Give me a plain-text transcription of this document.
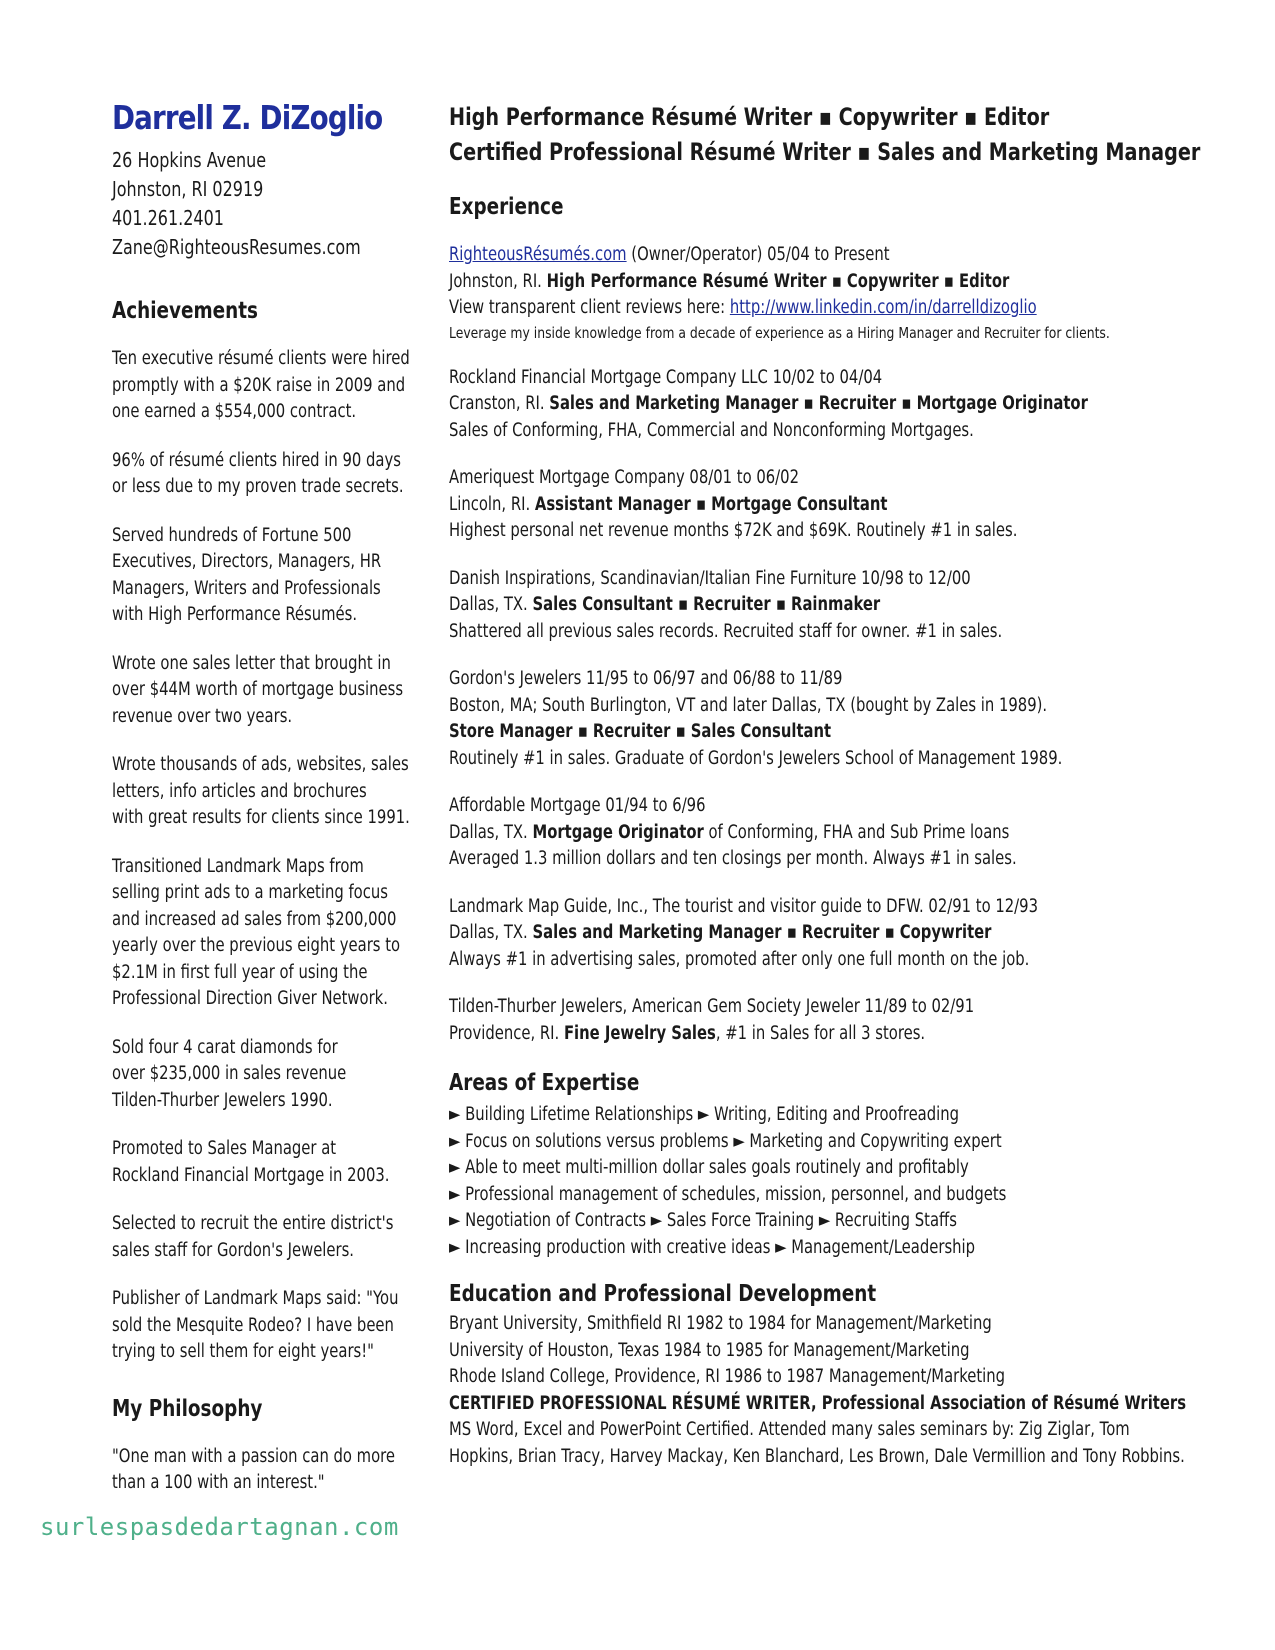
Darrell Z. DiZoglio
26 Hopkins Avenue
Johnston, RI 02919
401.261.2401
Zane@RighteousResumes.com
Achievements

Ten executive résumé clients were hired
promptly with a $20K raise in 2009 and
one earned a $554,000 contract.

96% of résumé clients hired in 90 days
or less due to my proven trade secrets.

Served hundreds of Fortune 500
Executives, Directors, Managers, HR
Managers, Writers and Professionals
with High Performance Résumés.

Wrote one sales letter that brought in
over $44M worth of mortgage business
revenue over two years.

Wrote thousands of ads, websites, sales
letters, info articles and brochures
with great results for clients since 1991.

Transitioned Landmark Maps from
selling print ads to a marketing focus
and increased ad sales from $200,000
yearly over the previous eight years to
$2.1M in first full year of using the
Professional Direction Giver Network.

Sold four 4 carat diamonds for
over $235,000 in sales revenue
Tilden-Thurber Jewelers 1990.

Promoted to Sales Manager at
Rockland Financial Mortgage in 2003.

Selected to recruit the entire district's
sales staff for Gordon's Jewelers.

Publisher of Landmark Maps said: "You
sold the Mesquite Rodeo? I have been
trying to sell them for eight years!"

My Philosophy
"One man with a passion can do more
than a 100 with an interest."
High Performance Résumé Writer ▪ Copywriter ▪ Editor
Certified Professional Résumé Writer ▪ Sales and Marketing Manager
Experience
RighteousRésumés.com (Owner/Operator) 05/04 to Present
Johnston, RI. High Performance Résumé Writer ▪ Copywriter ▪ Editor
View transparent client reviews here: http://www.linkedin.com/in/darrelldizoglio
Leverage my inside knowledge from a decade of experience as a Hiring Manager and Recruiter for clients.
Rockland Financial Mortgage Company LLC 10/02 to 04/04
Cranston, RI. Sales and Marketing Manager ▪ Recruiter ▪ Mortgage Originator
Sales of Conforming, FHA, Commercial and Nonconforming Mortgages.
Ameriquest Mortgage Company 08/01 to 06/02
Lincoln, RI. Assistant Manager ▪ Mortgage Consultant
Highest personal net revenue months $72K and $69K. Routinely #1 in sales.
Danish Inspirations, Scandinavian/Italian Fine Furniture 10/98 to 12/00
Dallas, TX. Sales Consultant ▪ Recruiter ▪ Rainmaker
Shattered all previous sales records. Recruited staff for owner. #1 in sales.
Gordon's Jewelers 11/95 to 06/97 and 06/88 to 11/89
Boston, MA; South Burlington, VT and later Dallas, TX (bought by Zales in 1989).
Store Manager ▪ Recruiter ▪ Sales Consultant
Routinely #1 in sales. Graduate of Gordon's Jewelers School of Management 1989.
Affordable Mortgage 01/94 to 6/96
Dallas, TX. Mortgage Originator of Conforming, FHA and Sub Prime loans
Averaged 1.3 million dollars and ten closings per month. Always #1 in sales.
Landmark Map Guide, Inc., The tourist and visitor guide to DFW. 02/91 to 12/93
Dallas, TX. Sales and Marketing Manager ▪ Recruiter ▪ Copywriter
Always #1 in advertising sales, promoted after only one full month on the job.
Tilden-Thurber Jewelers, American Gem Society Jeweler 11/89 to 02/91
Providence, RI. Fine Jewelry Sales, #1 in Sales for all 3 stores.
Areas of Expertise
► Building Lifetime Relationships ► Writing, Editing and Proofreading
► Focus on solutions versus problems ► Marketing and Copywriting expert
► Able to meet multi-million dollar sales goals routinely and profitably
► Professional management of schedules, mission, personnel, and budgets
► Negotiation of Contracts ► Sales Force Training ► Recruiting Staffs
► Increasing production with creative ideas ► Management/Leadership
Education and Professional Development
Bryant University, Smithfield RI 1982 to 1984 for Management/Marketing
University of Houston, Texas 1984 to 1985 for Management/Marketing
Rhode Island College, Providence, RI 1986 to 1987 Management/Marketing
CERTIFIED PROFESSIONAL RÉSUMÉ WRITER, Professional Association of Résumé Writers
MS Word, Excel and PowerPoint Certified. Attended many sales seminars by: Zig Ziglar, Tom
Hopkins, Brian Tracy, Harvey Mackay, Ken Blanchard, Les Brown, Dale Vermillion and Tony Robbins.
surlespasdedartagnan.com
